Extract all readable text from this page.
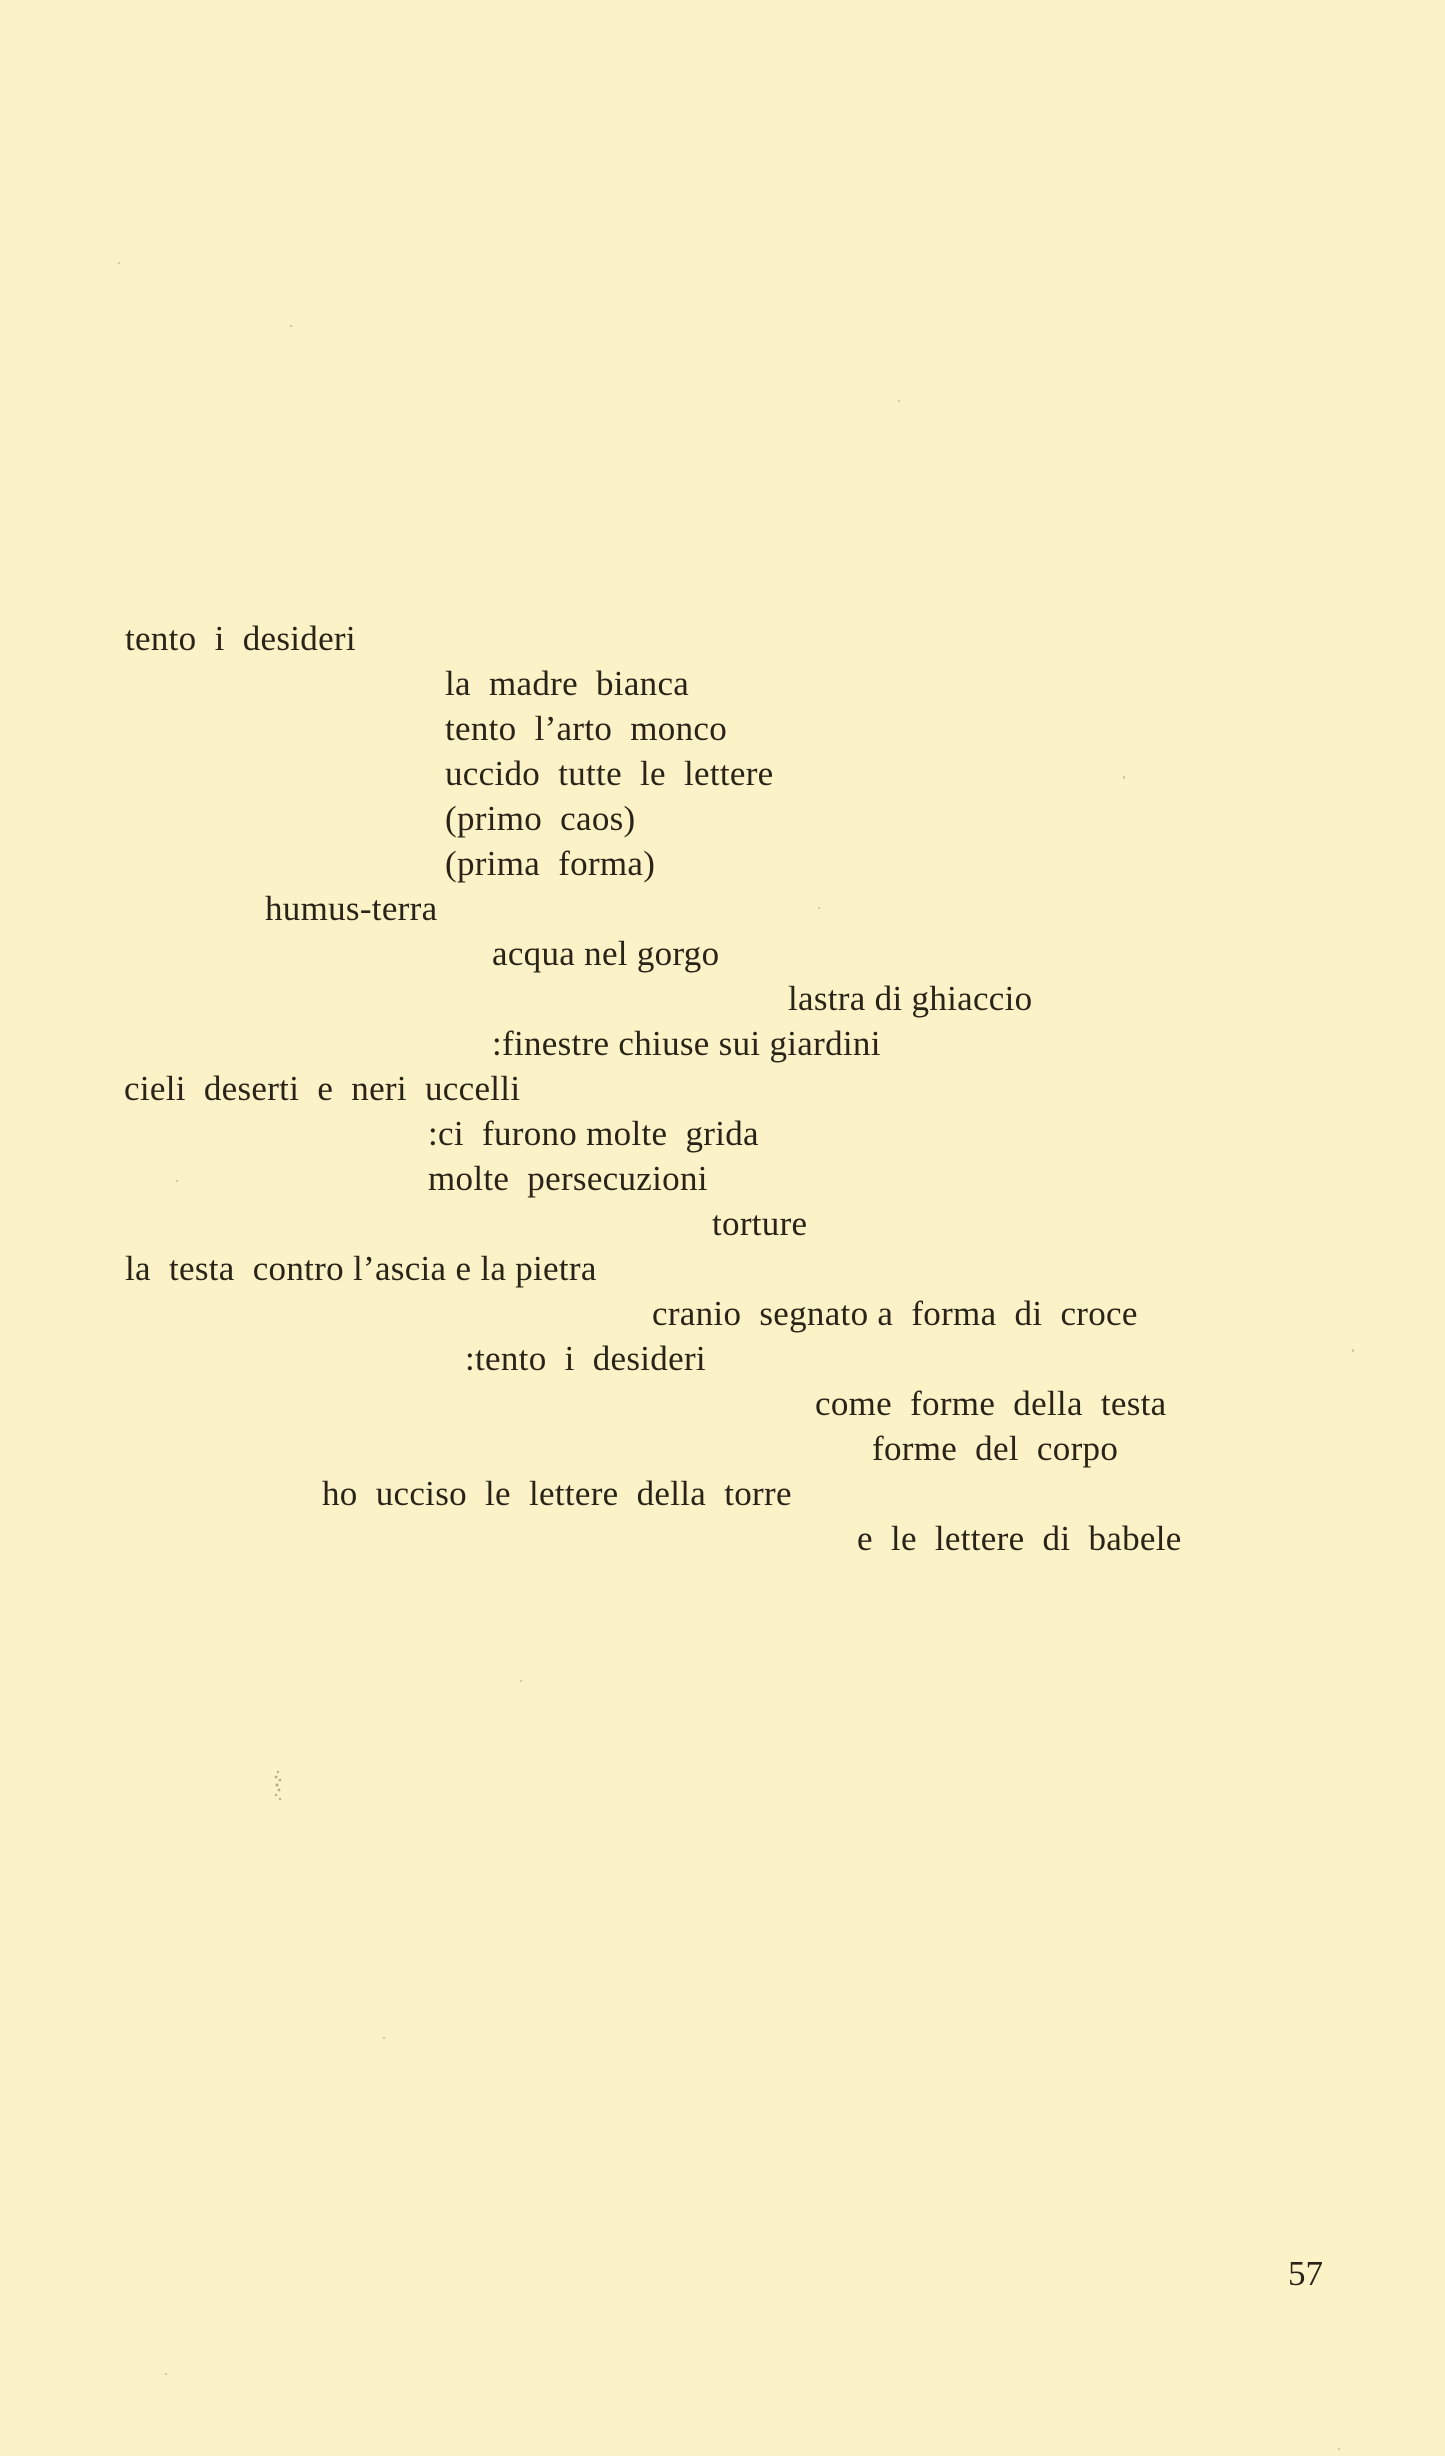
tento  i  desideri
la  madre  bianca
tento  l’arto  monco
uccido  tutte  le  lettere
(primo  caos)
(prima  forma)
humus-terra
acqua nel gorgo
lastra di ghiaccio
:finestre chiuse sui giardini
cieli  deserti  e  neri  uccelli
:ci  furono molte  grida
molte  persecuzioni
torture
la  testa  contro l’ascia e la pietra
cranio  segnato a  forma  di  croce
:tento  i  desideri
come  forme  della  testa
forme  del  corpo
ho  ucciso  le  lettere  della  torre
e  le  lettere  di  babele
57
